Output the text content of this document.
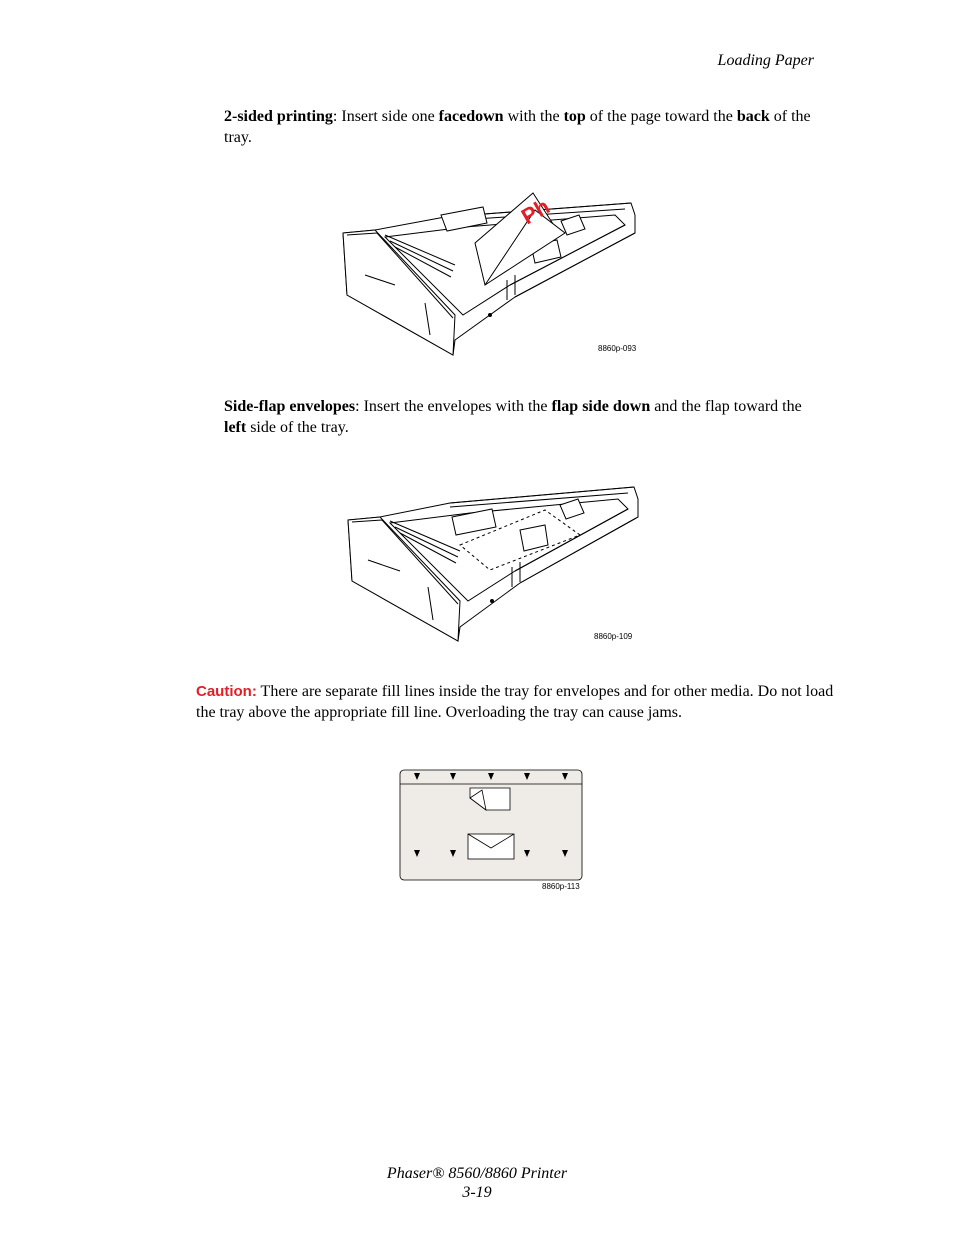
Loading Paper
2-sided printing: Insert side one facedown with the top of the page toward the back of the tray.
Ph
8860p-093
Side-flap envelopes: Insert the envelopes with the flap side down and the flap toward the left side of the tray.
8860p-109
Caution: There are separate fill lines inside the tray for envelopes and for other media. Do not load the tray above the appropriate fill line. Overloading the tray can cause jams.
8860p-113
Phaser® 8560/8860 Printer
3-19
